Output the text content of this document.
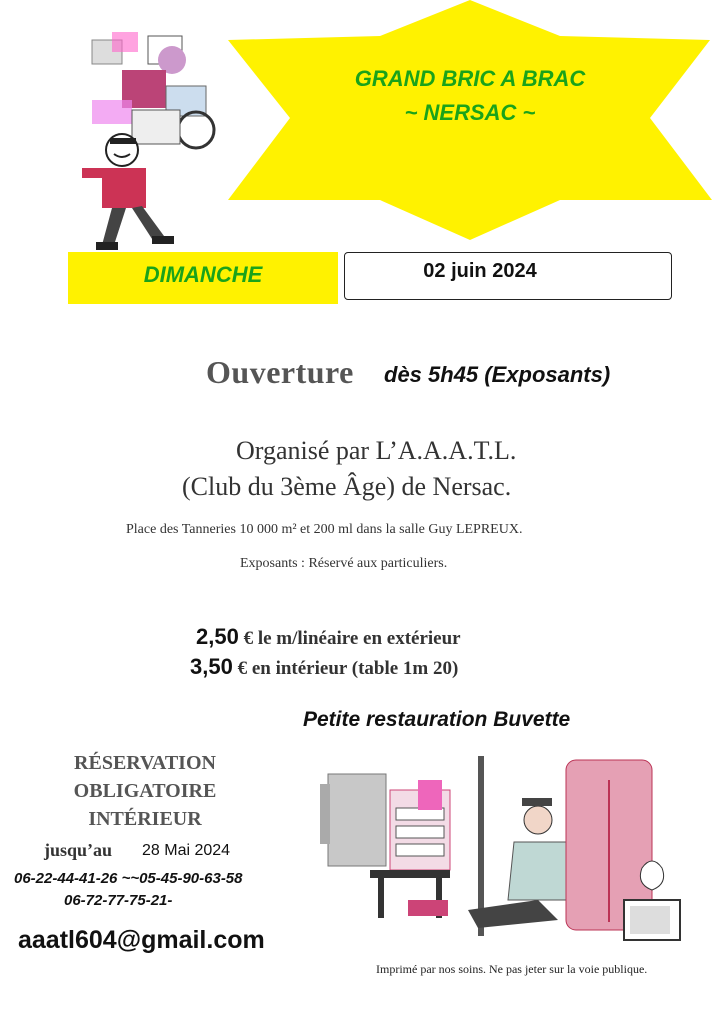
GRAND BRIC A BRAC
~ NERSAC ~
DIMANCHE	02 juin 2024
Ouverture dès 5h45 (Exposants)
Organisé par L’A.A.A.T.L.
(Club du 3ème Âge) de Nersac.
Place des Tanneries 10 000 m² et 200 ml dans la salle Guy LEPREUX.
Exposants : Réservé aux particuliers.
2,50 € le m/linéaire en extérieur
3,50 € en intérieur (table 1m 20)
Petite restauration Buvette
RÉSERVATION
OBLIGATOIRE
INTÉRIEUR
jusqu’au 28 Mai 2024
06-22-44-41-26 ~~05-45-90-63-58
06-72-77-75-21-
aaatl604@gmail.com
Imprimé par nos soins. Ne pas jeter sur la voie publique.
